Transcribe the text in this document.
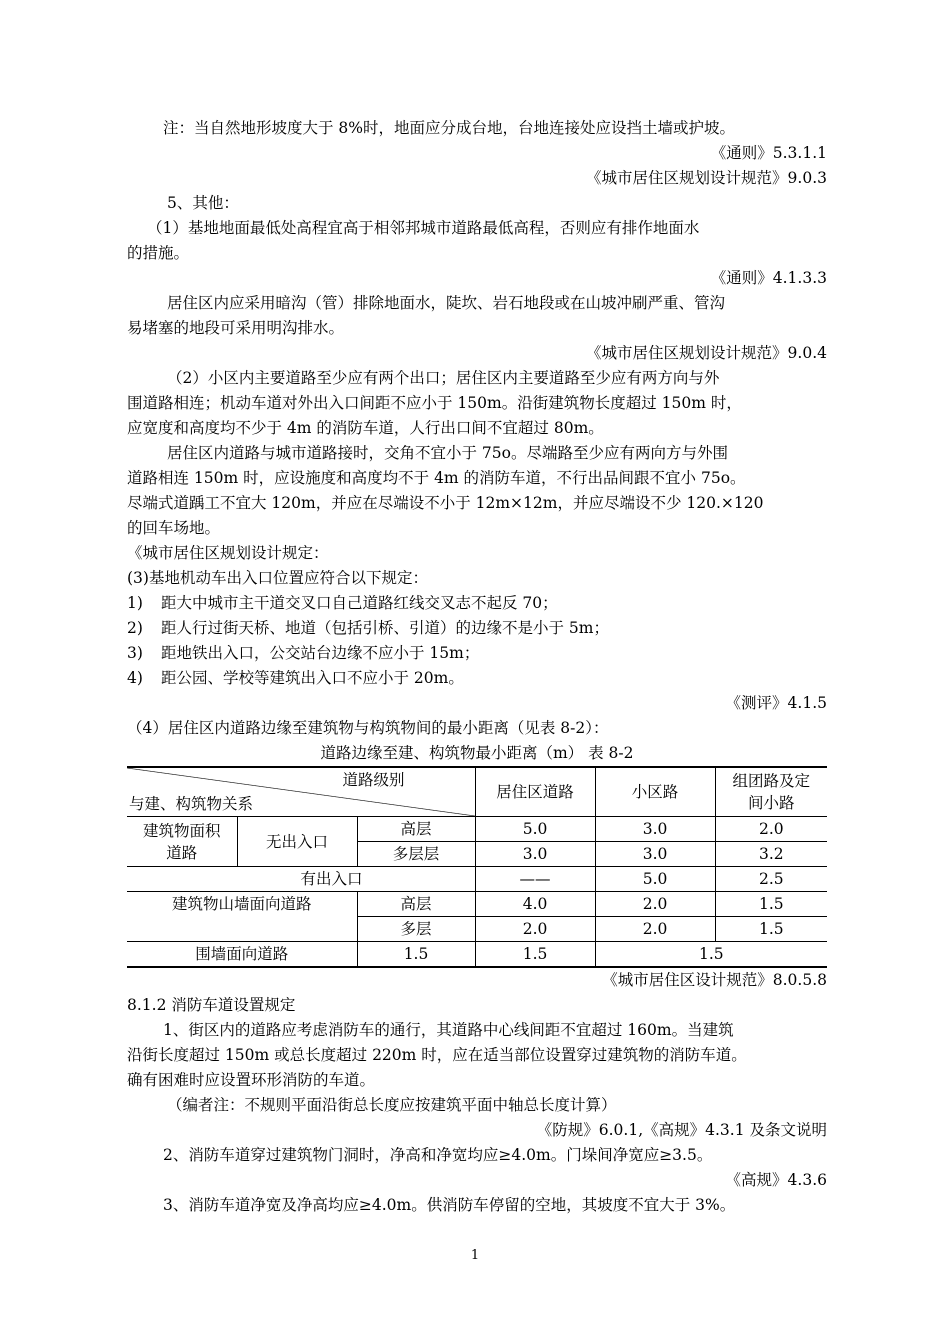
注：当自然地形坡度大于 8%时，地面应分成台地，台地连接处应设挡土墙或护坡。
《通则》5.3.1.1
《城市居住区规划设计规范》9.0.3
5、其他：
（1）基地地面最低处高程宜高于相邻邦城市道路最低高程，否则应有排作地面水
的措施。
《通则》4.1.3.3
居住区内应采用暗沟（管）排除地面水，陡坎、岩石地段或在山坡冲刷严重、管沟
易堵塞的地段可采用明沟排水。
《城市居住区规划设计规范》9.0.4
（2）小区内主要道路至少应有两个出口；居住区内主要道路至少应有两方向与外
围道路相连；机动车道对外出入口间距不应小于 150m。沿街建筑物长度超过 150m 时，
应宽度和高度均不少于 4m 的消防车道，人行出口间不宜超过 80m。
居住区内道路与城市道路接时，交角不宜小于 75o。尽端路至少应有两向方与外围
道路相连 150m 时，应设施度和高度均不于 4m 的消防车道，不行出品间跟不宜小 75o。
尽端式道踽工不宜大 120m，并应在尽端设不小于 12m×12m，并应尽端设不少 120.×120
的回车场地。
《城市居住区规划设计规定：
(3)基地机动车出入口位置应符合以下规定：
1) 距大中城市主干道交叉口自己道路红线交叉志不起反 70；
2) 距人行过街天桥、地道（包括引桥、引道）的边缘不是小于 5m；
3) 距地铁出入口，公交站台边缘不应小于 15m；
4) 距公园、学校等建筑出入口不应小于 20m。
《测评》4.1.5
（4）居住区内道路边缘至建筑物与构筑物间的最小距离（见表 8-2）：
道路边缘至建、构筑物最小距离（m） 表 8-2
道路级别
与建、构筑物关系			居住区道路	小区路	组团路及定
间小路
建筑物面积
道路	无出入口	高层	5.0	3.0	2.0
		多层层	3.0	3.0	3.2
有出入口			——	5.0	2.5
建筑物山墙面向道路		高层	4.0	2.0	1.5
		多层	2.0	2.0	1.5
围墙面向道路		1.5	1.5	1.5	
《城市居住区设计规范》8.0.5.8
8.1.2 消防车道设置规定
1、街区内的道路应考虑消防车的通行，其道路中心线间距不宜超过 160m。当建筑
沿街长度超过 150m 或总长度超过 220m 时，应在适当部位设置穿过建筑物的消防车道。
确有困难时应设置环形消防的车道。
（编者注：不规则平面沿街总长度应按建筑平面中轴总长度计算）
《防规》6.0.1,《高规》4.3.1 及条文说明
2、消防车道穿过建筑物门洞时，净高和净宽均应≥4.0m。门垛间净宽应≥3.5。
《高规》4.3.6
3、消防车道净宽及净高均应≥4.0m。供消防车停留的空地，其坡度不宜大于 3%。
1
